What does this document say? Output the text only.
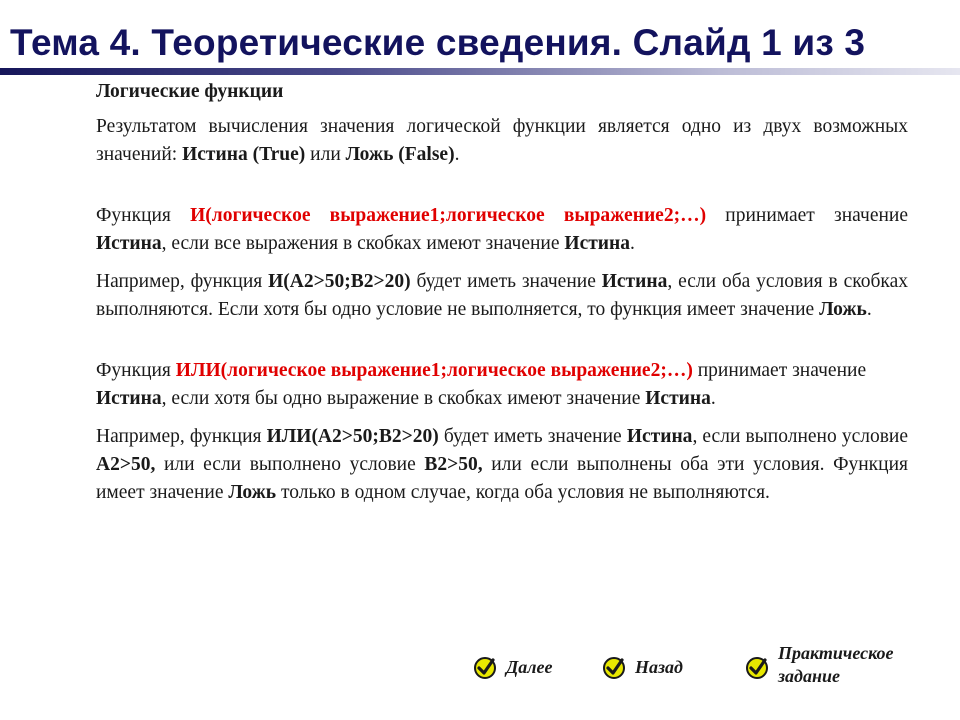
Тема 4. Теоретические сведения. Слайд 1 из 3

Логические функции

Результатом вычисления значения логической функции является одно из двух возможных значений: Истина (True) или Ложь (False).

Функция И(логическое выражение1;логическое выражение2;…) принимает значение Истина, если все выражения в скобках имеют значение Истина.

Например, функция И(А2>50;В2>20) будет иметь значение Истина, если оба условия в скобках выполняются. Если хотя бы одно условие не выполняется, то функция имеет значение Ложь.

Функция ИЛИ(логическое выражение1;логическое выражение2;…) принимает значение Истина, если хотя бы одно выражение в скобках имеют значение Истина.

Например, функция ИЛИ(А2>50;В2>20) будет иметь значение Истина, если выполнено условие А2>50, или если выполнено условие В2>50, или если выполнены оба эти условия. Функция имеет значение Ложь только в одном случае, когда оба условия не выполняются.

Далее	Назад
Практическое
задание
